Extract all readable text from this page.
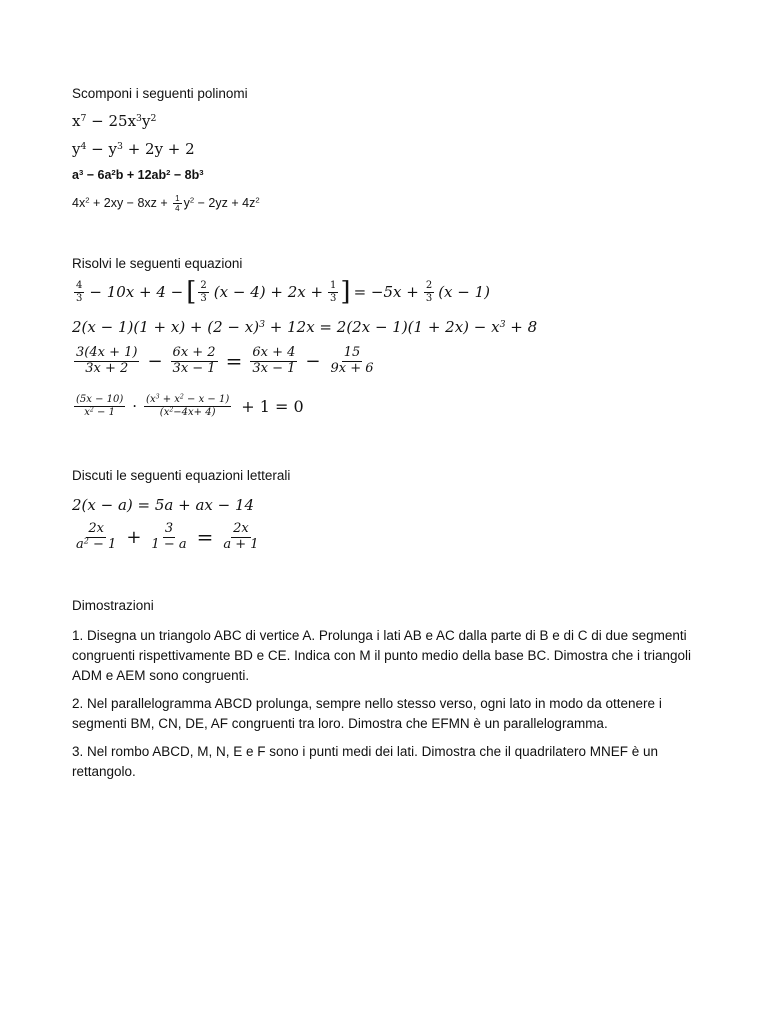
Scomponi i seguenti polinomi
$x^7 - 25x^3y^2$
$y^4 - y^3 + 2y + 2$
$a^3 - 6a^2b + 12ab^2 - 8b^3$
$4x^2 + 2xy - 8xz + \frac{1}{4} y^2 - 2yz + 4z^2$
Risolvi le seguenti equazioni
$\frac{4}{3} - 10x + 4$ − [ $\frac{2}{3} (x - 4) + 2x + \frac{1}{3}$ ] = $-5x + \frac{2}{3} (x - 1)$
$2(x - 1)(1 + x) + (2 - x)^3 + 12x = 2(2x - 1)(1 + 2x) - x^3 + 8$
$\frac{3(4x + 1)}{3x + 2} - \frac{6x + 2}{3x - 1} = \frac{6x + 4}{3x - 1} - \frac{15}{9x + 6}$
$\frac{(5x - 10)}{x^2 - 1} \cdot \frac{(x^3 + x^2 - x - 1)}{(x^2-4x+ 4)} + 1 = 0$
Discuti le seguenti equazioni letterali
2(x − a) = 5a + ax − 14
$\frac{2x}{a^2 - 1} + \frac{3}{1 - a} = \frac{2x}{a + 1}$
Dimostrazioni
1. Disegna un triangolo ABC di vertice A. Prolunga i lati AB e AC dalla parte di B e di C di due segmenti congruenti rispettivamente BD e CE. Indica con M il punto medio della base BC. Dimostra che i triangoli ADM e AEM sono congruenti.
2. Nel parallelogramma ABCD prolunga, sempre nello stesso verso, ogni lato in modo da ottenere i segmenti BM, CN, DE, AF congruenti tra loro. Dimostra che EFMN è un parallelogramma.
3. Nel rombo ABCD, M, N, E e F sono i punti medi dei lati. Dimostra che il quadrilatero MNEF è un rettangolo.
